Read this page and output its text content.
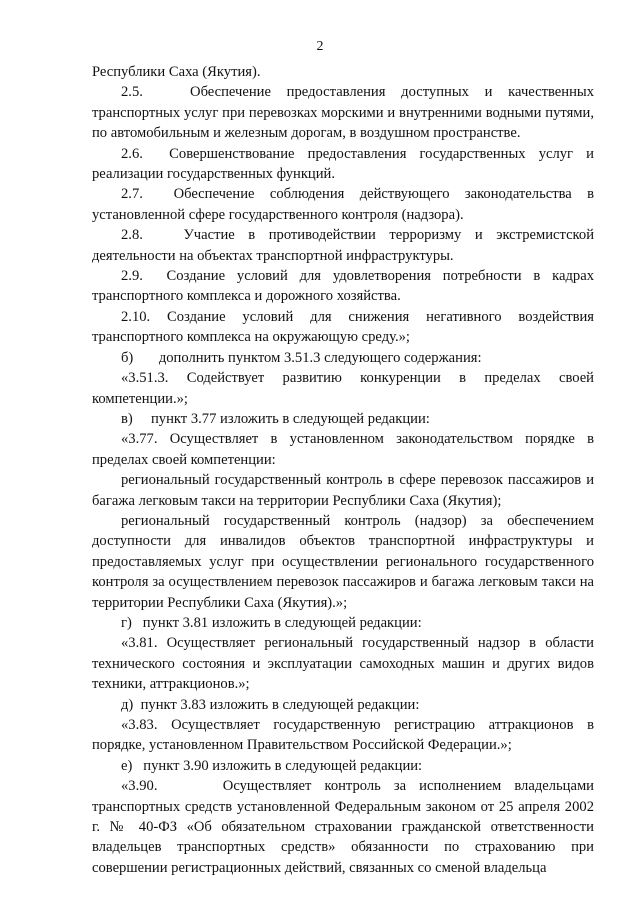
2

Республики Саха (Якутия).

2.5.   Обеспечение предоставления доступных и качественных транспортных услуг при перевозках морскими и внутренними водными путями, по автомобильным и железным дорогам, в воздушном пространстве.

2.6.  Совершенствование предоставления государственных услуг и реализации государственных функций.

2.7.  Обеспечение соблюдения действующего законодательства в установленной сфере государственного контроля (надзора).

2.8.   Участие в противодействии терроризму и экстремистской деятельности на объектах транспортной инфраструктуры.

2.9.  Создание условий для удовлетворения потребности в кадрах транспортного комплекса и дорожного хозяйства.

2.10. Создание условий для снижения негативного воздействия транспортного комплекса на окружающую среду.»;

б)       дополнить пунктом 3.51.3 следующего содержания:

«3.51.3. Содействует развитию конкуренции в пределах своей компетенции.»;

в)     пункт 3.77 изложить в следующей редакции:

«3.77. Осуществляет в установленном законодательством порядке в пределах своей компетенции:

региональный государственный контроль в сфере перевозок пассажиров и багажа легковым такси на территории Республики Саха (Якутия);

региональный государственный контроль (надзор) за обеспечением доступности для инвалидов объектов транспортной инфраструктуры и предоставляемых услуг при осуществлении регионального государственного контроля за осуществлением перевозок пассажиров и багажа легковым такси на территории Республики Саха (Якутия).»;

г)   пункт 3.81 изложить в следующей редакции:

«3.81. Осуществляет региональный государственный надзор в области технического состояния и эксплуатации самоходных машин и других видов техники, аттракционов.»;

д)  пункт 3.83 изложить в следующей редакции:

«3.83. Осуществляет государственную регистрацию аттракционов в порядке, установленном Правительством Российской Федерации.»;

е)   пункт 3.90 изложить в следующей редакции:

«3.90.     Осуществляет контроль за исполнением владельцами транспортных средств установленной Федеральным законом от 25 апреля 2002 г. № 40-ФЗ «Об обязательном страховании гражданской ответственности владельцев транспортных средств» обязанности по страхованию при совершении регистрационных действий, связанных со сменой владельца
